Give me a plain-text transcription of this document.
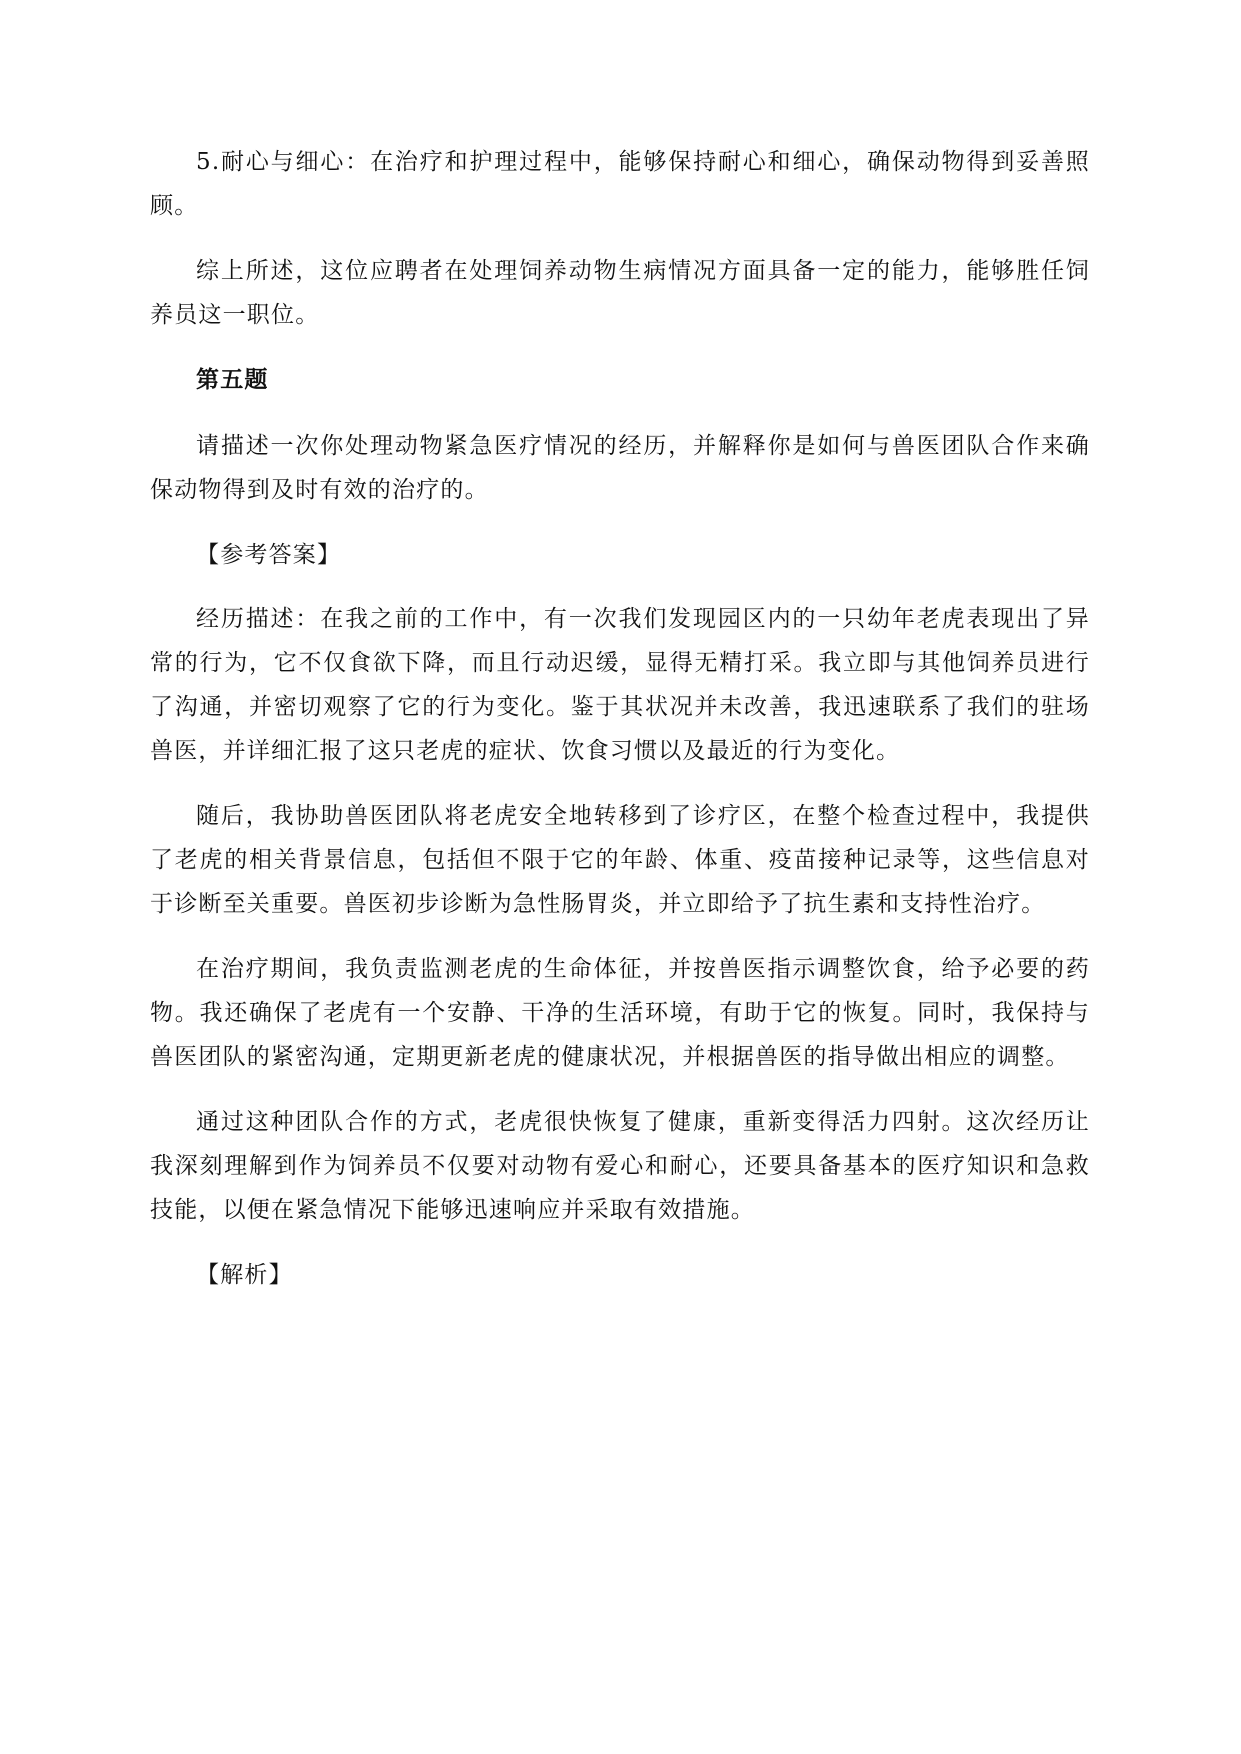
5.耐心与细心：在治疗和护理过程中，能够保持耐心和细心，确保动物得到妥善照顾。

综上所述，这位应聘者在处理饲养动物生病情况方面具备一定的能力，能够胜任饲养员这一职位。

第五题

请描述一次你处理动物紧急医疗情况的经历，并解释你是如何与兽医团队合作来确保动物得到及时有效的治疗的。

【参考答案】

经历描述：在我之前的工作中，有一次我们发现园区内的一只幼年老虎表现出了异常的行为，它不仅食欲下降，而且行动迟缓，显得无精打采。我立即与其他饲养员进行了沟通，并密切观察了它的行为变化。鉴于其状况并未改善，我迅速联系了我们的驻场兽医，并详细汇报了这只老虎的症状、饮食习惯以及最近的行为变化。

随后，我协助兽医团队将老虎安全地转移到了诊疗区，在整个检查过程中，我提供了老虎的相关背景信息，包括但不限于它的年龄、体重、疫苗接种记录等，这些信息对于诊断至关重要。兽医初步诊断为急性肠胃炎，并立即给予了抗生素和支持性治疗。

在治疗期间，我负责监测老虎的生命体征，并按兽医指示调整饮食，给予必要的药物。我还确保了老虎有一个安静、干净的生活环境，有助于它的恢复。同时，我保持与兽医团队的紧密沟通，定期更新老虎的健康状况，并根据兽医的指导做出相应的调整。

通过这种团队合作的方式，老虎很快恢复了健康，重新变得活力四射。这次经历让我深刻理解到作为饲养员不仅要对动物有爱心和耐心，还要具备基本的医疗知识和急救技能，以便在紧急情况下能够迅速响应并采取有效措施。

【解析】
